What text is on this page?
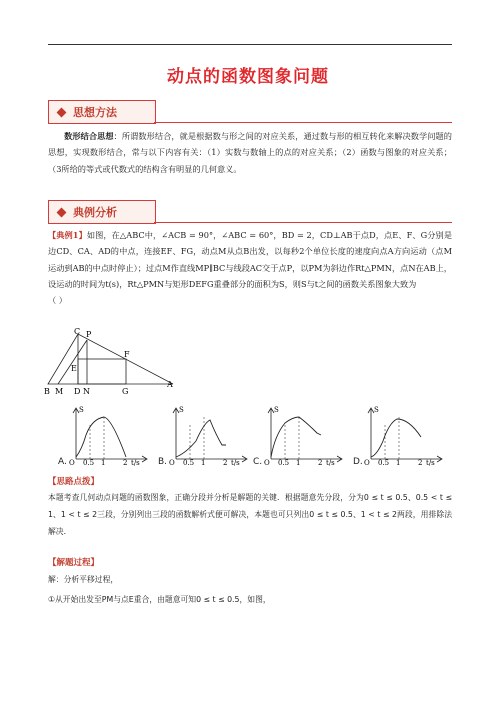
动点的函数图象问题
思想方法
数形结合思想：所谓数形结合，就是根据数与形之间的对应关系，通过数与形的相互转化来解决数学问题的思想，实现数形结合，常与以下内容有关：（1）实数与数轴上的点的对应关系；（2）函数与图象的对应关系；（3所给的等式或代数式的结构含有明显的几何意义。
典例分析
【典例1】如图，在△ABC中，∠ACB = 90°，∠ABC = 60°，BD = 2，CD⊥AB于点D，点E、F、G分别是边CD、CA、AD的中点，连接EF、FG，动点M从点B出发，以每秒2个单位长度的速度向点A方向运动（点M运动到AB的中点时停止）；过点M作直线MP∥BC与线段AC交于点P，以PM为斜边作Rt△PMN，点N在AB上，设运动的时间为t(s)，Rt△PMN与矩形DEFG重叠部分的面积为S，则S与t之间的函数关系图象大致为
（ ）
C P
E
F
B M D N	G
A
S
O 0.5 1	2 t/s
A.
S
O 0.5 1	2 t/s
B.
S
O 0.5 1	2 t/s
C.
S
O 0.5 1	2 t/s
D.
【思路点拨】
本题考查几何动点问题的函数图象，正确分段并分析是解题的关键．根据题意先分段，分为0 ≤ t ≤ 0.5、0.5 < t ≤ 1、1 < t ≤ 2三段，分别列出三段的函数解析式便可解决，本题也可只列出0 ≤ t ≤ 0.5、1 < t ≤ 2两段，用排除法解决．
【解题过程】
解：分析平移过程，
①从开始出发至PM与点E重合，由题意可知0 ≤ t ≤ 0.5，如图，
